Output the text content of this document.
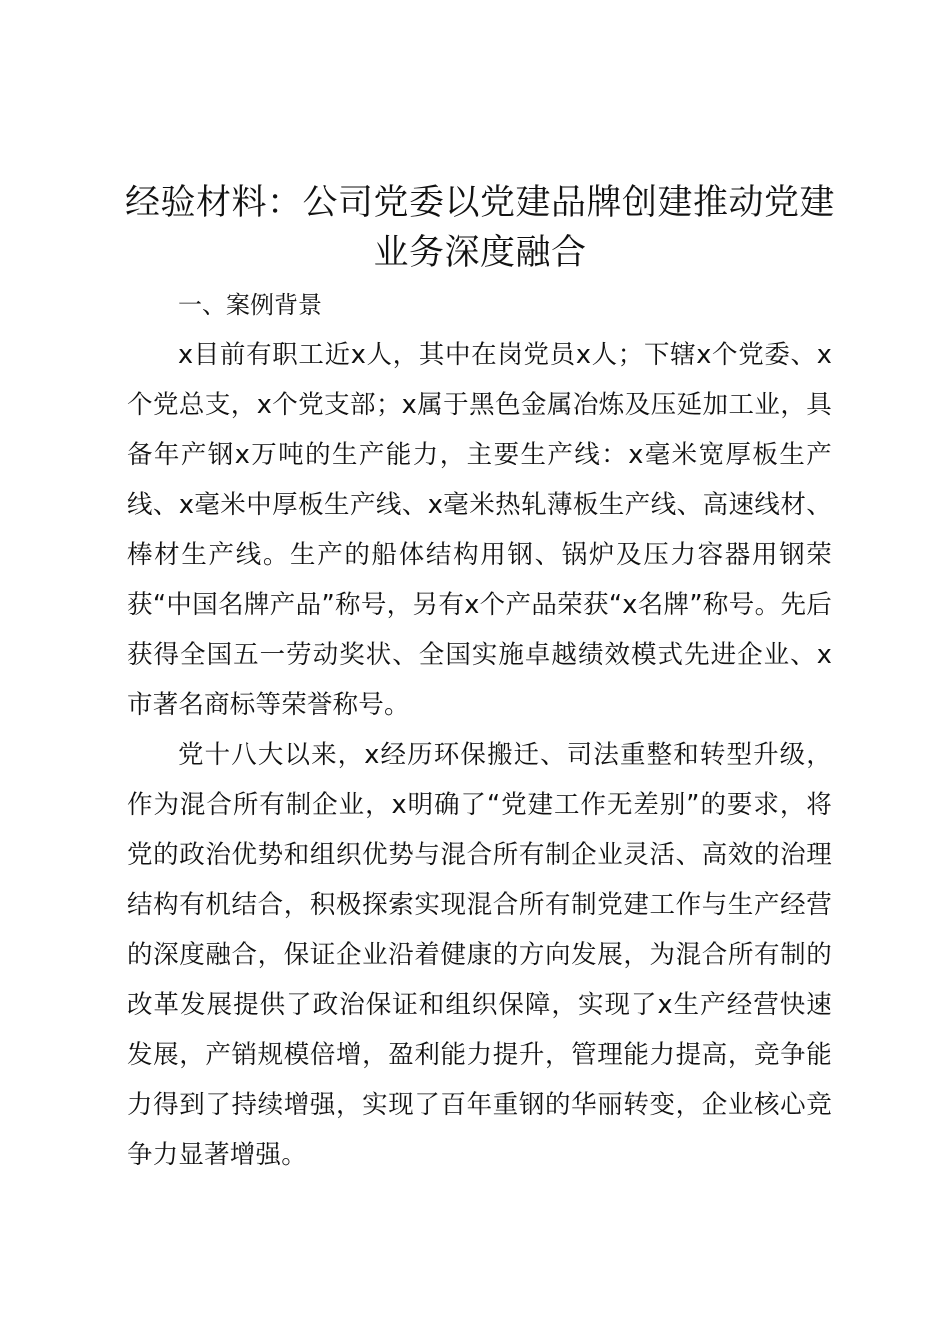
经验材料：公司党委以党建品牌创建推动党建业务深度融合

一、案例背景

x目前有职工近x人，其中在岗党员x人；下辖x个党委、x个党总支，x个党支部；x属于黑色金属冶炼及压延加工业，具备年产钢x万吨的生产能力，主要生产线：x毫米宽厚板生产线、x毫米中厚板生产线、x毫米热轧薄板生产线、高速线材、棒材生产线。生产的船体结构用钢、锅炉及压力容器用钢荣获“中国名牌产品”称号，另有x个产品荣获“x名牌”称号。先后获得全国五一劳动奖状、全国实施卓越绩效模式先进企业、x市著名商标等荣誉称号。

党十八大以来，x经历环保搬迁、司法重整和转型升级，作为混合所有制企业，x明确了“党建工作无差别”的要求，将党的政治优势和组织优势与混合所有制企业灵活、高效的治理结构有机结合，积极探索实现混合所有制党建工作与生产经营的深度融合，保证企业沿着健康的方向发展，为混合所有制的改革发展提供了政治保证和组织保障，实现了x生产经营快速发展，产销规模倍增，盈利能力提升，管理能力提高，竞争能力得到了持续增强，实现了百年重钢的华丽转变，企业核心竞争力显著增强。
